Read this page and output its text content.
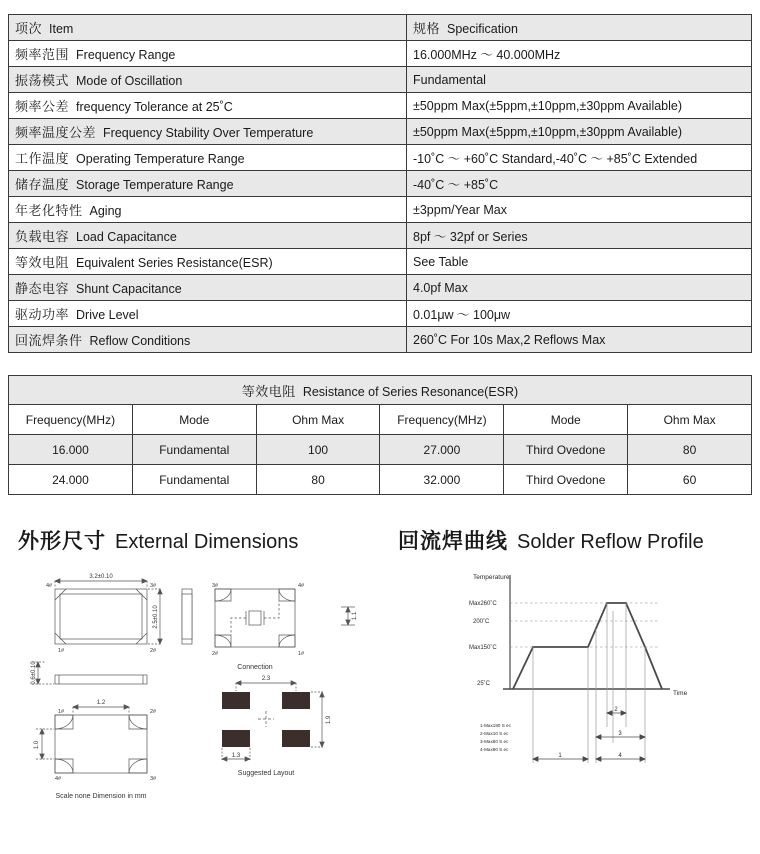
项次 Item	规格 Specification
频率范围 Frequency Range	16.000MHz 〜 40.000MHz
振荡模式 Mode of Oscillation	Fundamental
频率公差 frequency Tolerance at 25˚C	±50ppm Max(±5ppm,±10ppm,±30ppm Available)
频率温度公差 Frequency Stability Over Temperature	±50ppm Max(±5ppm,±10ppm,±30ppm Available)
工作温度 Operating Temperature Range	-10˚C 〜 +60˚C Standard,-40˚C 〜 +85˚C Extended
储存温度 Storage Temperature Range	-40˚C 〜 +85˚C
年老化特性 Aging	±3ppm/Year Max
负载电容 Load Capacitance	8pf 〜 32pf or Series
等效电阻 Equivalent Series Resistance(ESR)	See Table
静态电容 Shunt Capacitance	4.0pf Max
驱动功率 Drive Level	0.01μw 〜 100μw
回流焊条件 Reflow Conditions	260˚C For 10s Max,2 Reflows Max
等效电阻 Resistance of Series Resonance(ESR)					
Frequency(MHz)	Mode	Ohm Max	Frequency(MHz)	Mode	Ohm Max
16.000	Fundamental	100	27.000	Third Ovedone	80
24.000	Fundamental	80	32.000	Third Ovedone	60
外形尺寸 External Dimensions	回流焊曲线 Solder Reflow Profile
3.2±0.10
2.5±0.10
0.6±0.10
1#	2#
3#
4#
1.2
1.0
1#	2#
3#
4#
Scale none Dimension in mm
4#
3#
2#	1#
Connection
2.3
1.9
1.3
1.1
Suggested Layout
Temperature
Time
Max260˚C
200˚C
Max150˚C
25˚C
2
3
1	4
1-Max180 S ec
2-Max10 S ec
3-Max60 S ec
4-Max90 S ec
